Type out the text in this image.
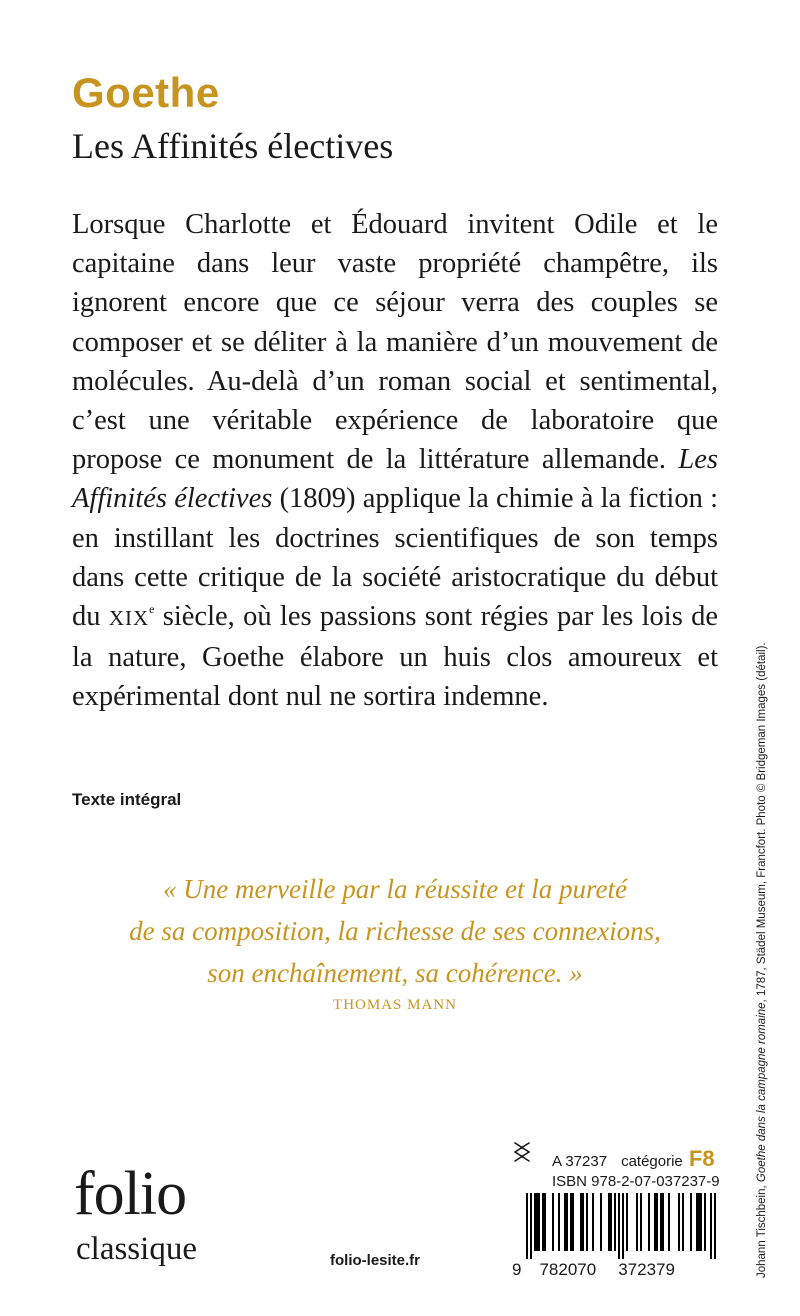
Goethe
Les Affinités électives
Lorsque Charlotte et Édouard invitent Odile et le capitaine dans leur vaste propriété champêtre, ils ignorent encore que ce séjour verra des couples se composer et se déliter à la manière d’un mouvement de molécules. Au-delà d’un roman social et sentimental, c’est une véritable expérience de laboratoire que propose ce monument de la littérature allemande. Les Affinités électives (1809) applique la chimie à la fiction : en instillant les doctrines scientifiques de son temps dans cette critique de la société aristocratique du début du XIXe siècle, où les passions sont régies par les lois de la nature, Goethe élabore un huis clos amoureux et expérimental dont nul ne sortira indemne.
Texte intégral
« Une merveille par la réussite et la pureté
de sa composition, la richesse de ses connexions,
son enchaînement, sa cohérence. »
THOMAS MANN
folio
classique	folio-lesite.fr
A 37237 catégorie F8
ISBN 978-2-07-037237-9
9 782070 372379	Johann Tischbein, Goethe dans la campagne romaine, 1787, Städel Museum, Francfort. Photo © Bridgeman Images (détail).
